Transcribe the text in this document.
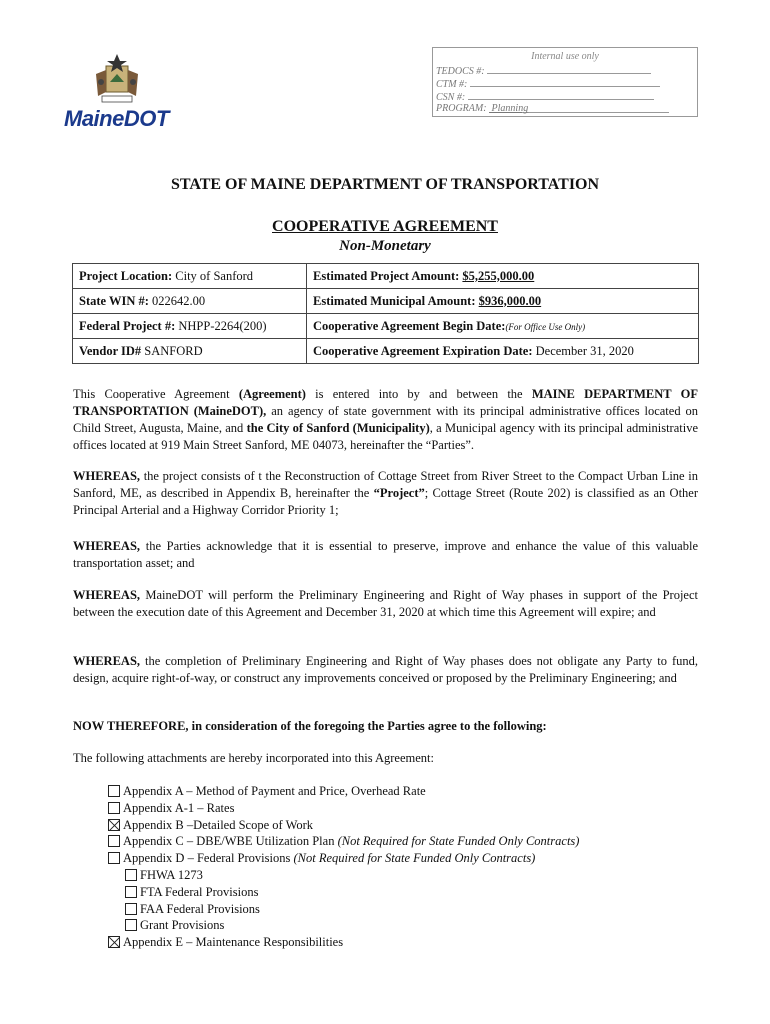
MaineDOT
Internal use only
TEDOCS #:
CTM #:
CSN #:
PROGRAM: Planning
STATE OF MAINE DEPARTMENT OF TRANSPORTATION
COOPERATIVE AGREEMENT
Non-Monetary
Project Location: City of Sanford	Estimated Project Amount: $5,255,000.00
State WIN #: 022642.00	Estimated Municipal Amount: $936,000.00
Federal Project #: NHPP-2264(200)	Cooperative Agreement Begin Date:(For Office Use Only)
Vendor ID# SANFORD	Cooperative Agreement Expiration Date: December 31, 2020
This Cooperative Agreement (Agreement) is entered into by and between the MAINE DEPARTMENT OF TRANSPORTATION (MaineDOT), an agency of state government with its principal administrative offices located on Child Street, Augusta, Maine, and the City of Sanford (Municipality), a Municipal agency with its principal administrative offices located at 919 Main Street Sanford, ME 04073, hereinafter the “Parties”.
WHEREAS, the project consists of t the Reconstruction of Cottage Street from River Street to the Compact Urban Line in Sanford, ME, as described in Appendix B, hereinafter the “Project”; Cottage Street (Route 202) is classified as an Other Principal Arterial and a Highway Corridor Priority 1;
WHEREAS, the Parties acknowledge that it is essential to preserve, improve and enhance the value of this valuable transportation asset; and
WHEREAS, MaineDOT will perform the Preliminary Engineering and Right of Way phases in support of the Project between the execution date of this Agreement and December 31, 2020 at which time this Agreement will expire; and
WHEREAS, the completion of Preliminary Engineering and Right of Way phases does not obligate any Party to fund, design, acquire right-of-way, or construct any improvements conceived or proposed by the Preliminary Engineering; and
NOW THEREFORE, in consideration of the foregoing the Parties agree to the following:
The following attachments are hereby incorporated into this Agreement:
Appendix A – Method of Payment and Price, Overhead Rate
Appendix A-1 – Rates
Appendix B –Detailed Scope of Work
Appendix C – DBE/WBE Utilization Plan (Not Required for State Funded Only Contracts)
Appendix D – Federal Provisions (Not Required for State Funded Only Contracts)
FHWA 1273
FTA Federal Provisions
FAA Federal Provisions
Grant Provisions
Appendix E – Maintenance Responsibilities
